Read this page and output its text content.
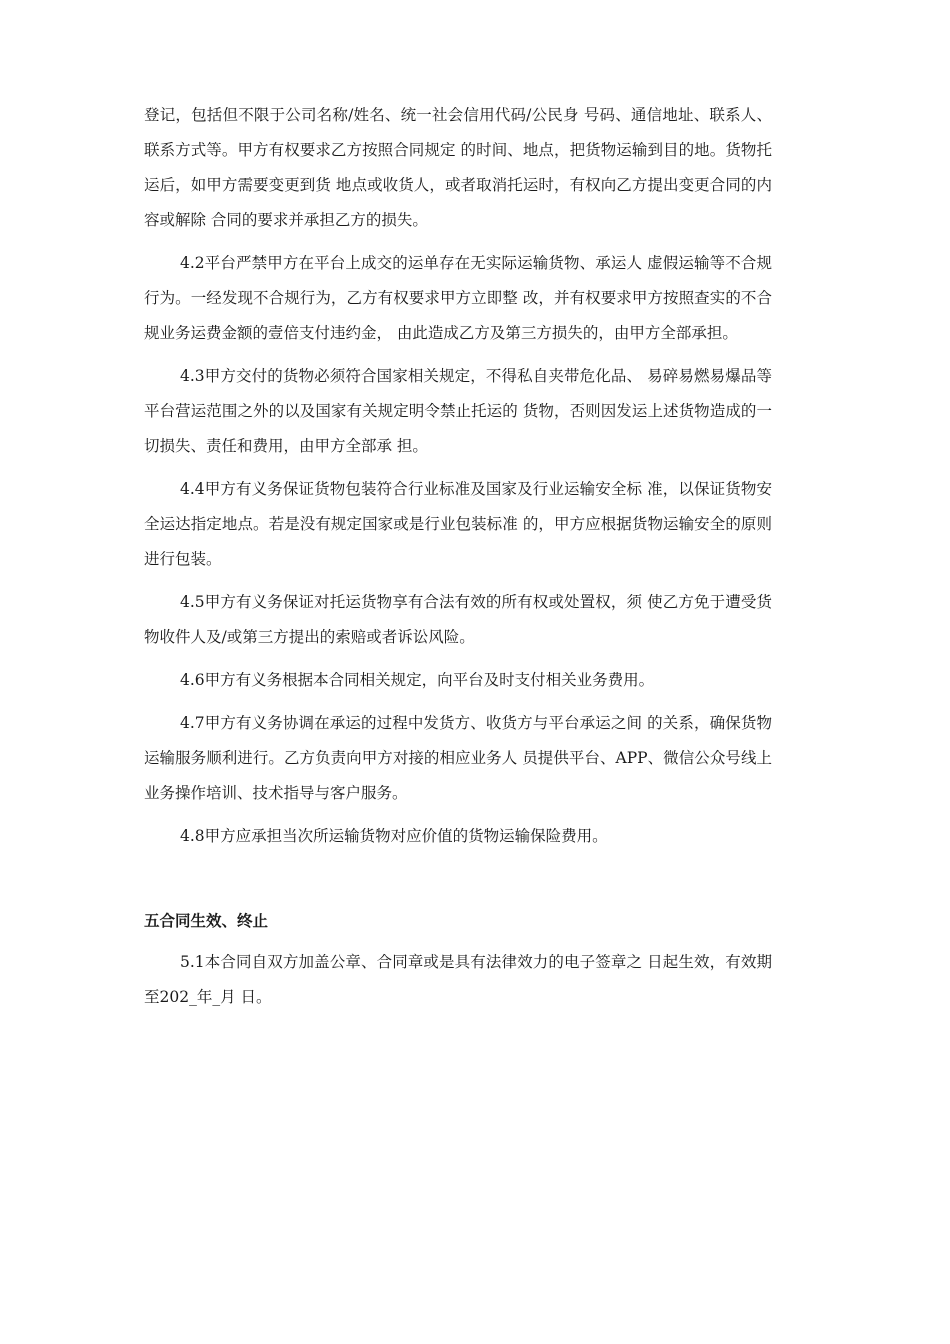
登记，包括但不限于公司名称/姓名、统一社会信用代码/公民身 号码、通信地址、联系人、联系方式等。甲方有权要求乙方按照合同规定 的时间、地点，把货物运输到目的地。货物托运后，如甲方需要变更到货 地点或收货人，或者取消托运时，有权向乙方提出变更合同的内容或解除 合同的要求并承担乙方的损失。

4.2平台严禁甲方在平台上成交的运单存在无实际运输货物、承运人 虚假运输等不合规行为。一经发现不合规行为，乙方有权要求甲方立即整 改，并有权要求甲方按照查实的不合规业务运费金额的壹倍支付违约金， 由此造成乙方及第三方损失的，由甲方全部承担。

4.3甲方交付的货物必须符合国家相关规定，不得私自夹带危化品、 易碎易燃易爆品等平台营运范围之外的以及国家有关规定明令禁止托运的 货物，否则因发运上述货物造成的一切损失、责任和费用，由甲方全部承 担。

4.4甲方有义务保证货物包装符合行业标准及国家及行业运输安全标 准，以保证货物安全运达指定地点。若是没有规定国家或是行业包装标准 的，甲方应根据货物运输安全的原则进行包装。

4.5甲方有义务保证对托运货物享有合法有效的所有权或处置权，须 使乙方免于遭受货物收件人及/或第三方提出的索赔或者诉讼风险。

4.6甲方有义务根据本合同相关规定，向平台及时支付相关业务费用。

4.7甲方有义务协调在承运的过程中发货方、收货方与平台承运之间 的关系，确保货物运输服务顺利进行。乙方负责向甲方对接的相应业务人 员提供平台、APP、微信公众号线上业务操作培训、技术指导与客户服务。

4.8甲方应承担当次所运输货物对应价值的货物运输保险费用。

五合同生效、终止

5.1本合同自双方加盖公章、合同章或是具有法律效力的电子签章之 日起生效，有效期至202_年_月 日。
